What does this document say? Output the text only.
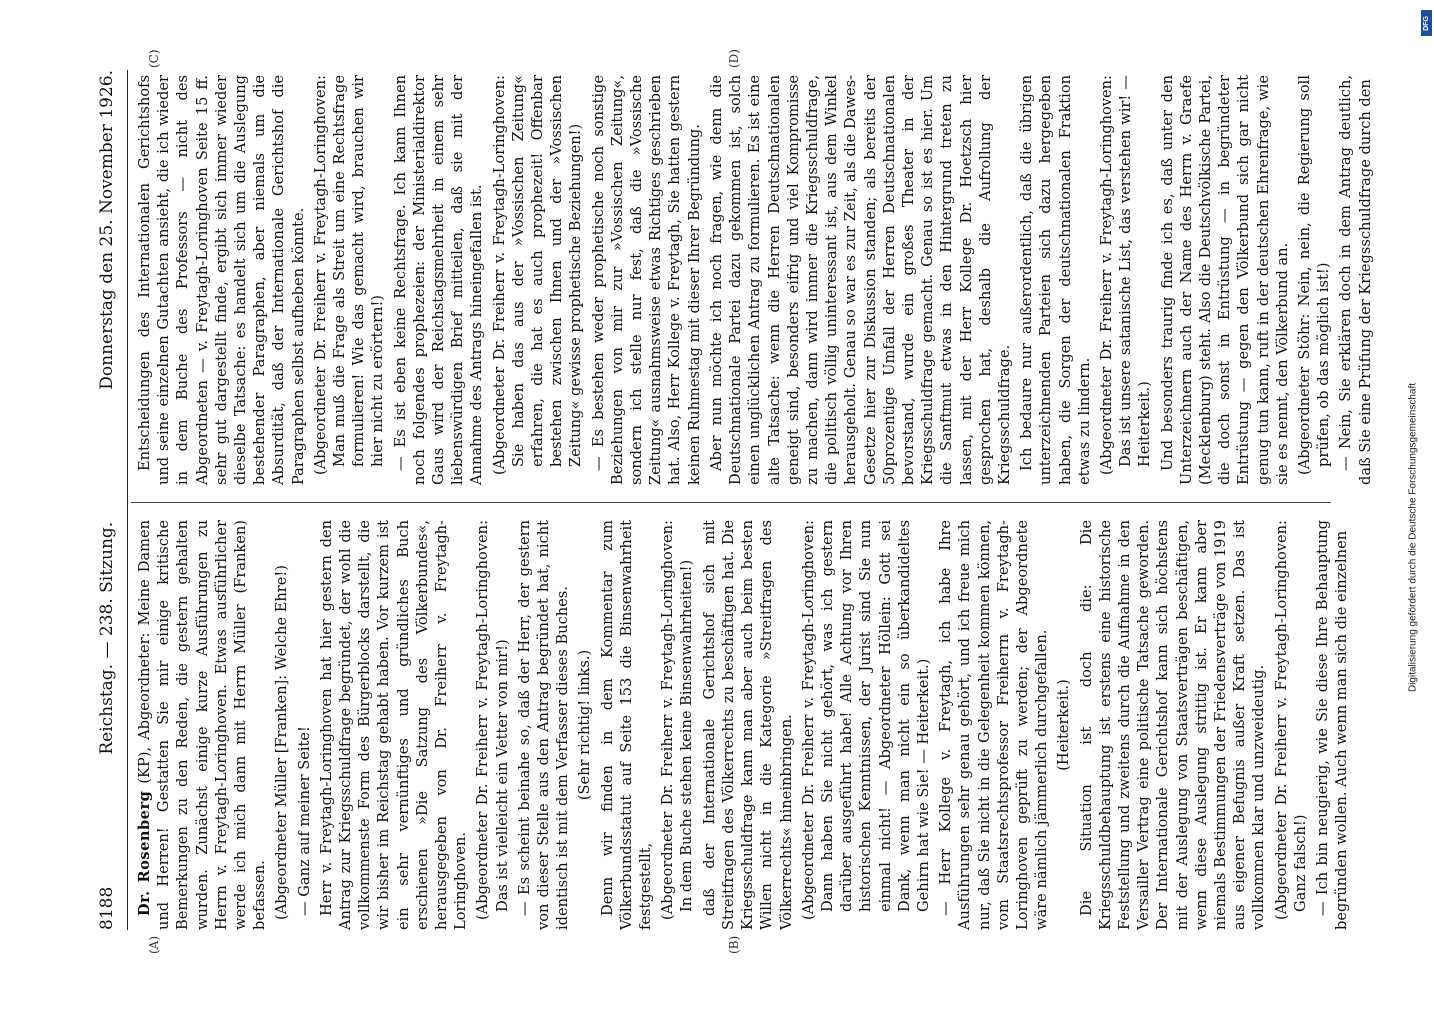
8188
Reichstag. — 238. Sitzung.
Donnerstag den 25. November 1926.
(A)	(B)
(C)	(D)

Dr. Rosenberg (KP), Abgeordneter: Meine Damen und Herren! Gestatten Sie mir einige kritische Bemerkungen zu den Reden, die gestern gehalten wurden. Zunächst einige kurze Ausführungen zu Herrn v. Freytagh-Loringhoven. Etwas ausführlicher werde ich mich dann mit Herrn Müller (Franken) befassen. (Abgeordneter Müller [Franken]: Welche Ehre!) — Ganz auf meiner Seite! Herr v. Freytagh-Loringhoven hat hier gestern den Antrag zur Kriegsschuldfrage begründet, der wohl die vollkommenste Form des Bürgerblocks darstellt, die wir bisher im Reichstag gehabt haben. Vor kurzem ist ein sehr vernünftiges und gründliches Buch erschienen »Die Satzung des Völkerbundes«, herausgegeben von Dr. Freiherr v. Freytagh-Loringhoven. (Abgeordneter Dr. Freiherr v. Freytagh-Loringhoven: Das ist vielleicht ein Vetter von mir!) — Es scheint beinahe so, daß der Herr, der gestern von dieser Stelle aus den Antrag begründet hat, nicht identisch ist mit dem Verfasser dieses Buches. (Sehr richtig! links.) Denn wir finden in dem Kommentar zum Völkerbundsstatut auf Seite 153 die Binsenwahrheit festgestellt, (Abgeordneter Dr. Freiherr v. Freytagh-Loringhoven: In dem Buche stehen keine Binsenwahrheiten!) daß der Internationale Gerichtshof sich mit Streitfragen des Völkerrechts zu beschäftigen hat. Die Kriegsschuldfrage kann man aber auch beim besten Willen nicht in die Kategorie »Streitfragen des Völkerrechts« hineinbringen. (Abgeordneter Dr. Freiherr v. Freytagh-Loringhoven: Dann haben Sie nicht gehört, was ich gestern darüber ausgeführt habe! Alle Achtung vor Ihren historischen Kenntnissen, der Jurist sind Sie nun einmal nicht! — Abgeordneter Höllein: Gott sei Dank, wenn man nicht ein so überkandideltes Gehirn hat wie Sie! — Heiterkeit.) — Herr Kollege v. Freytagh, ich habe Ihre Ausführungen sehr genau gehört, und ich freue mich nur, daß Sie nicht in die Gelegenheit kommen können, vom Staatsrechtsprofessor Freiherrn v. Freytagh-Loringhoven geprüft zu werden; der Abgeordnete wäre nämlich jämmerlich durchgefallen. (Heiterkeit.) Die Situation ist doch die: Die Kriegsschuldbehauptung ist erstens eine historische Feststellung und zweitens durch die Aufnahme in den Versailler Vertrag eine politische Tatsache geworden. Der Internationale Gerichtshof kann sich höchstens mit der Auslegung von Staatsverträgen beschäftigen, wenn diese Auslegung strittig ist. Er kann aber niemals Bestimmungen der Friedensverträge von 1919 aus eigener Befugnis außer Kraft setzen. Das ist vollkommen klar und unzweideutig. (Abgeordneter Dr. Freiherr v. Freytagh-Loringhoven: Ganz falsch!) — Ich bin neugierig, wie Sie diese Ihre Behauptung begründen wollen. Auch wenn man sich die einzelnen

Entscheidungen des Internationalen Gerichtshofs und seine einzelnen Gutachten ansieht, die ich wieder in dem Buche des Professors — nicht des Abgeordneten — v. Freytagh-Loringhoven Seite 15 ff. sehr gut dargestellt finde, ergibt sich immer wieder dieselbe Tatsache: es handelt sich um die Auslegung bestehender Paragraphen, aber niemals um die Absurdität, daß der Internationale Gerichtshof die Paragraphen selbst aufheben könnte. (Abgeordneter Dr. Freiherr v. Freytagh-Loringhoven: Man muß die Frage als Streit um eine Rechtsfrage formulieren! Wie das gemacht wird, brauchen wir hier nicht zu erörtern!) — Es ist eben keine Rechtsfrage. Ich kann Ihnen noch folgendes prophezeien: der Ministerialdirektor Gaus wird der Reichstagsmehrheit in einem sehr liebenswürdigen Brief mitteilen, daß sie mit der Annahme des Antrags hineingefallen ist. (Abgeordneter Dr. Freiherr v. Freytagh-Loringhoven: Sie haben das aus der »Vossischen Zeitung« erfahren, die hat es auch prophezeit! Offenbar bestehen zwischen Ihnen und der »Vossischen Zeitung« gewisse prophetische Beziehungen!) — Es bestehen weder prophetische noch sonstige Beziehungen von mir zur »Vossischen Zeitung«, sondern ich stelle nur fest, daß die »Vossische Zeitung« ausnahmsweise etwas Richtiges geschrieben hat. Also, Herr Kollege v. Freytagh, Sie hatten gestern keinen Ruhmestag mit dieser Ihrer Begründung. Aber nun möchte ich noch fragen, wie denn die Deutschnationale Partei dazu gekommen ist, solch einen unglücklichen Antrag zu formulieren. Es ist eine alte Tatsache: wenn die Herren Deutschnationalen geneigt sind, besonders eifrig und viel Kompromisse zu machen, dann wird immer die Kriegsschuldfrage, die politisch völlig uninteressant ist, aus dem Winkel herausgeholt. Genau so war es zur Zeit, als die Dawes-Gesetze hier zur Diskussion standen; als bereits der 50prozentige Umfall der Herren Deutschnationalen bevorstand, wurde ein großes Theater in der Kriegsschuldfrage gemacht. Genau so ist es hier. Um die Sanftmut etwas in den Hintergrund treten zu lassen, mit der Herr Kollege Dr. Hoetzsch hier gesprochen hat, deshalb die Aufrollung der Kriegsschuldfrage. Ich bedaure nur außerordentlich, daß die übrigen unterzeichnenden Parteien sich dazu hergegeben haben, die Sorgen der deutschnationalen Fraktion etwas zu lindern. (Abgeordneter Dr. Freiherr v. Freytagh-Loringhoven: Das ist unsere satanische List, das verstehen wir! — Heiterkeit.) Und besonders traurig finde ich es, daß unter den Unterzeichnern auch der Name des Herrn v. Graefe (Mecklenburg) steht. Also die Deutschvölkische Partei, die doch sonst in Entrüstung — in begründeter Entrüstung — gegen den Völkerbund sich gar nicht genug tun kann, ruft in der deutschen Ehrenfrage, wie sie es nennt, den Völkerbund an. (Abgeordneter Stöhr: Nein, nein, die Regierung soll prüfen, ob das möglich ist!) — Nein, Sie erklären doch in dem Antrag deutlich, daß Sie eine Prüfung der Kriegsschuldfrage durch den

Digitalisierung gefördert durch die Deutsche Forschungsgemeinschaft
DFG
